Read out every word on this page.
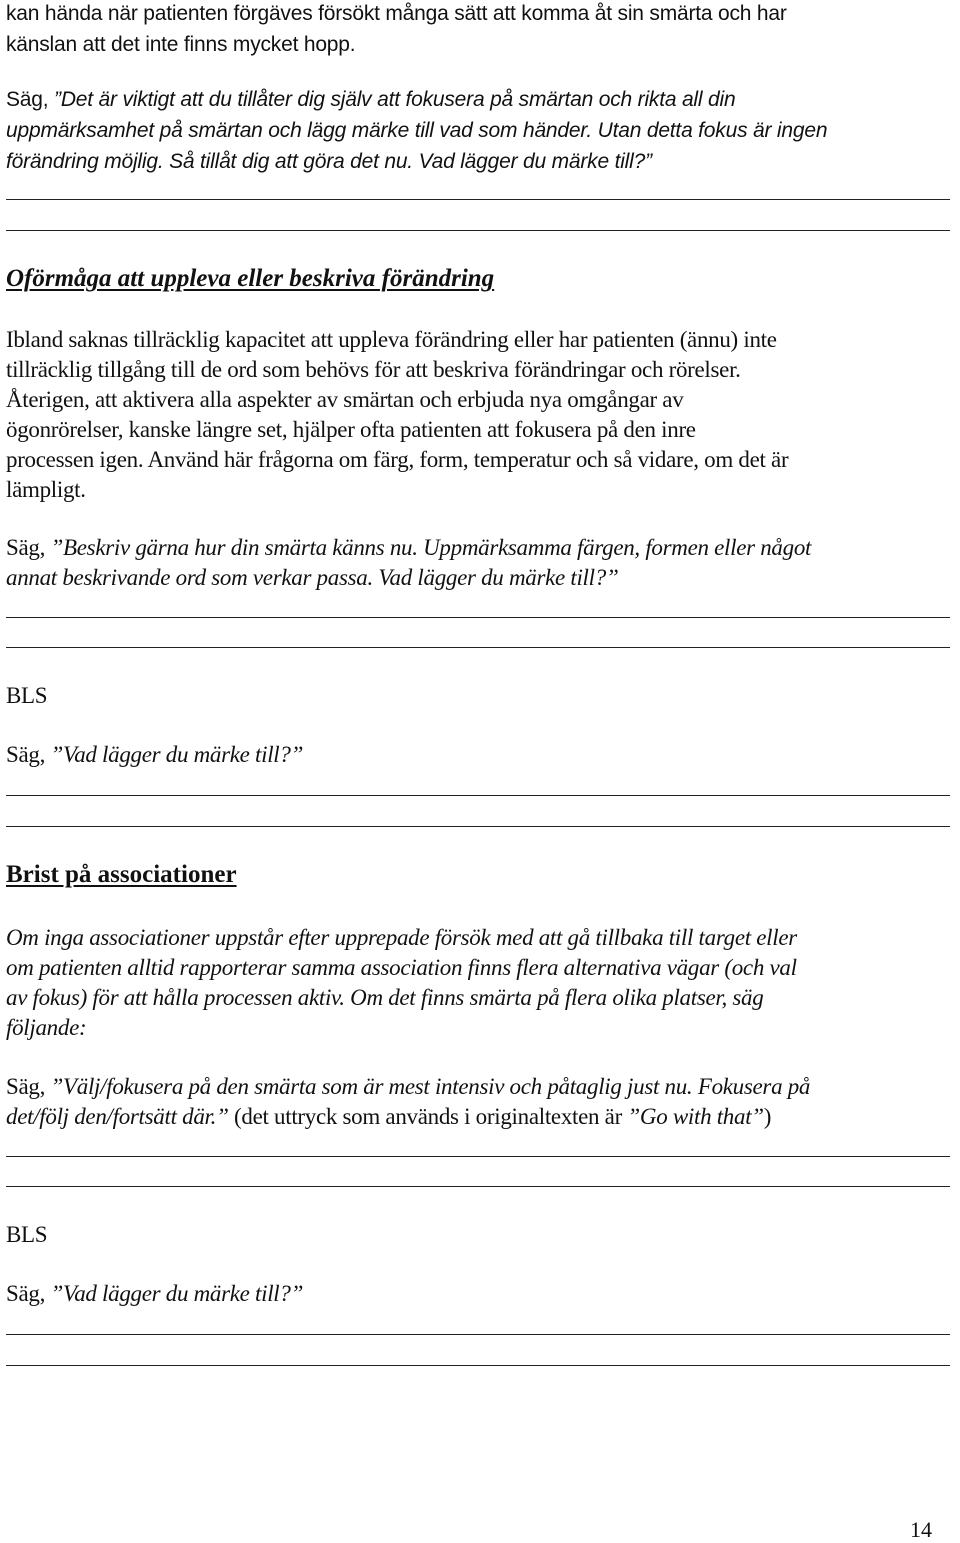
kan hända när patienten förgäves försökt många sätt att komma åt sin smärta och har
känslan att det inte finns mycket hopp.
Säg, ”Det är viktigt att du tillåter dig själv att fokusera på smärtan och rikta all din
uppmärksamhet på smärtan och lägg märke till vad som händer. Utan detta fokus är ingen
förändring möjlig. Så tillåt dig att göra det nu. Vad lägger du märke till?”
Oförmåga att uppleva eller beskriva förändring
Ibland saknas tillräcklig kapacitet att uppleva förändring eller har patienten (ännu) inte
tillräcklig tillgång till de ord som behövs för att beskriva förändringar och rörelser.
Återigen, att aktivera alla aspekter av smärtan och erbjuda nya omgångar av
ögonrörelser, kanske längre set, hjälper ofta patienten att fokusera på den inre
processen igen. Använd här frågorna om färg, form, temperatur och så vidare, om det är
lämpligt.
Säg, ”Beskriv gärna hur din smärta känns nu. Uppmärksamma färgen, formen eller något
annat beskrivande ord som verkar passa. Vad lägger du märke till?”
BLS
Säg, ”Vad lägger du märke till?”
Brist på associationer
Om inga associationer uppstår efter upprepade försök med att gå tillbaka till target eller
om patienten alltid rapporterar samma association finns flera alternativa vägar (och val
av fokus) för att hålla processen aktiv. Om det finns smärta på flera olika platser, säg
följande:
Säg, ”Välj/fokusera på den smärta som är mest intensiv och påtaglig just nu. Fokusera på
det/följ den/fortsätt där.” (det uttryck som används i originaltexten är ”Go with that”)
BLS
Säg, ”Vad lägger du märke till?”
14
